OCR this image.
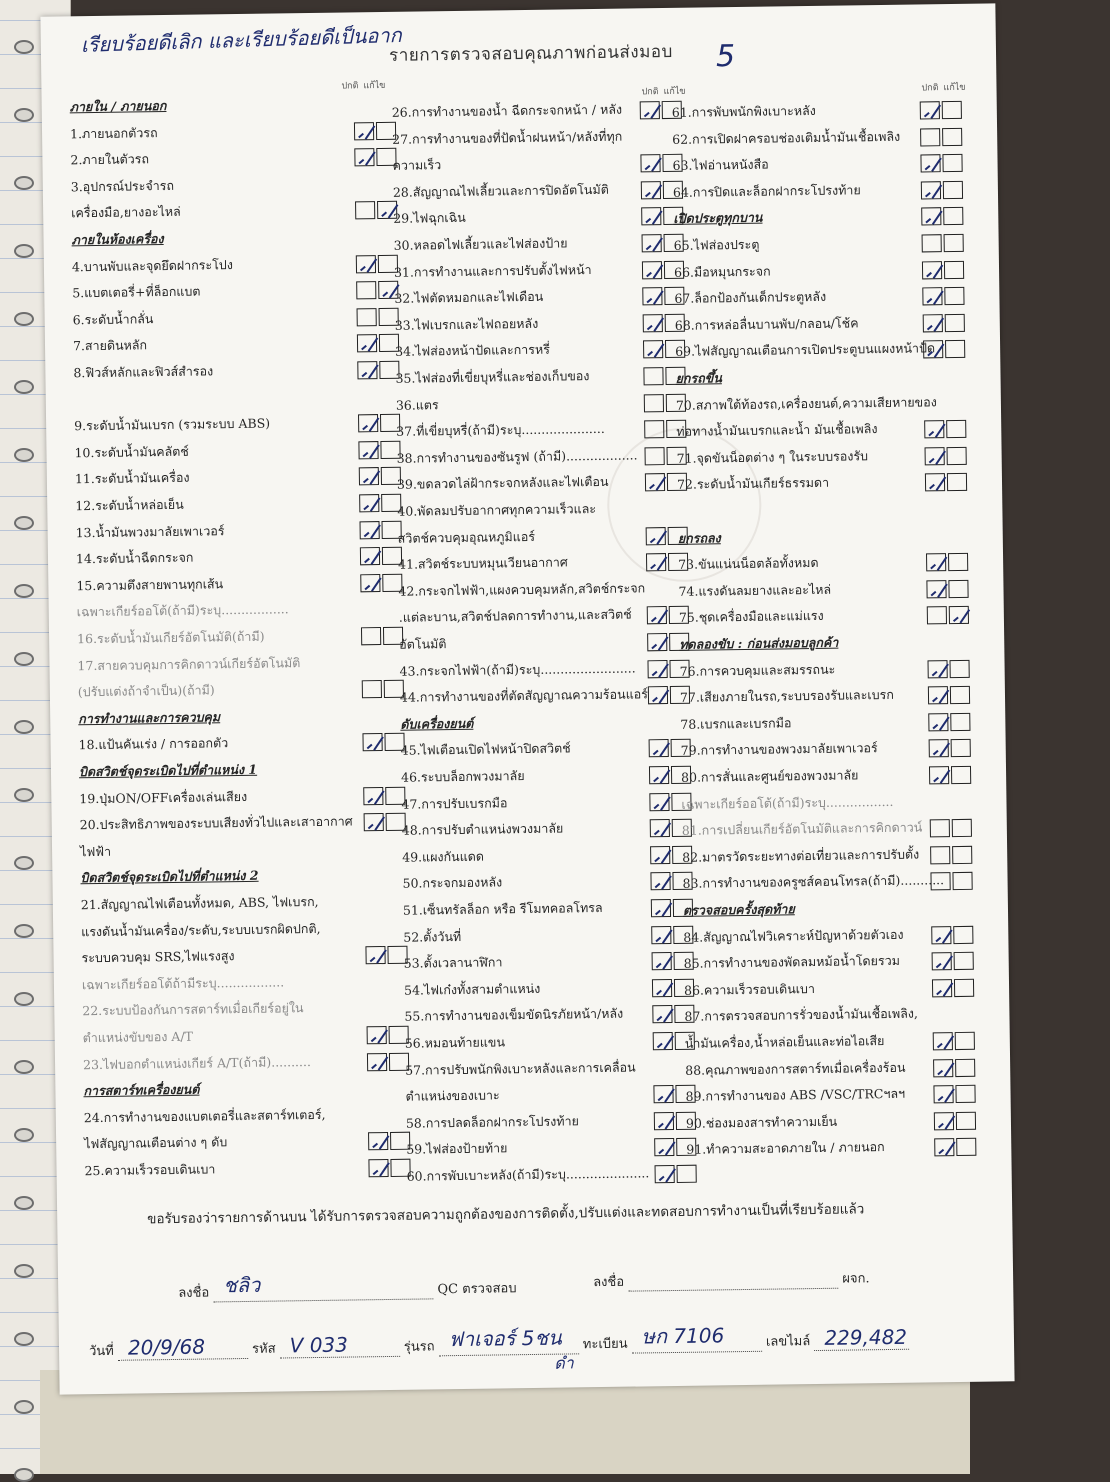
เรียบร้อยดีเลิก และเรียบร้อยดีเป็นอาก
รายการตรวจสอบคุณภาพก่อนส่งมอบ	5
ปกติ แก้ไข
ปกติ แก้ไข	ปกติ แก้ไข
ขอรับรองว่ารายการด้านบน ได้รับการตรวจสอบความถูกต้องของการติดตั้ง,ปรับแต่งและทดสอบการทำงานเป็นที่เรียบร้อยแล้ว
ลงชื่อ ชลิว	QC ตรวจสอบ	ลงชื่อ	ผจก.
วันที่ 20/9/68	รหัส V 033	รุ่นรถ ฟาเจอร์ 5ชน ทะเบียน ษก 7106	เลขไมล์ 229,482
ดำ
ภายใน / ภายนอก
1.ภายนอกตัวรถ
2.ภายในตัวรถ
3.อุปกรณ์ประจำรถ
เครื่องมือ,ยางอะไหล่
ภายในห้องเครื่อง
4.บานพับและจุดยึดฝากระโปง
5.แบตเตอรี่+ที่ล็อกแบต
6.ระดับน้ำกลั่น
7.สายดินหลัก
8.ฟิวส์หลักและฟิวส์สำรอง
9.ระดับน้ำมันเบรก (รวมระบบ ABS)
10.ระดับน้ำมันคลัตช์
11.ระดับน้ำมันเครื่อง
12.ระดับน้ำหล่อเย็น
13.น้ำมันพวงมาลัยเพาเวอร์
14.ระดับน้ำฉีดกระจก
15.ความตึงสายพานทุกเส้น
เฉพาะเกียร์ออโต้(ถ้ามี)ระบุ.................
16.ระดับน้ำมันเกียร์อัตโนมัติ(ถ้ามี)
17.สายควบคุมการคิกดาวน์เกียร์อัตโนมัติ
(ปรับแต่งถ้าจำเป็น)(ถ้ามี)
การทำงานและการควบคุม
18.แป้นคันเร่ง / การออกตัว
บิดสวิตช์จุดระเบิดไปที่ตำแหน่ง 1
19.ปุ่มON/OFFเครื่องเล่นเสียง
20.ประสิทธิภาพของระบบเสียงทั่วไปและเสาอากาศ
ไฟฟ้า
บิดสวิตช์จุดระเบิดไปที่ตำแหน่ง 2
21.สัญญาณไฟเตือนทั้งหมด, ABS, ไฟเบรก,
แรงดันน้ำมันเครื่อง/ระดับ,ระบบเบรกผิดปกติ,
ระบบควบคุม SRS,ไฟแรงสูง
เฉพาะเกียร์ออโต้ถ้ามีระบุ.................
22.ระบบป้องกันการสตาร์ทเมื่อเกียร์อยู่ใน
ตำแหน่งขับของ A/T
23.ไฟบอกตำแหน่งเกียร์ A/T(ถ้ามี)..........
การสตาร์ทเครื่องยนต์
24.การทำงานของแบตเตอรี่และสตาร์ทเตอร์,
ไฟสัญญาณเตือนต่าง ๆ ดับ
25.ความเร็วรอบเดินเบา
26.การทำงานของน้ำ ฉีดกระจกหน้า / หลัง
27.การทำงานของที่ปัดน้ำฝนหน้า/หลังที่ทุก
ความเร็ว
28.สัญญาณไฟเลี้ยวและการปิดอัตโนมัติ
29.ไฟฉุกเฉิน
30.หลอดไฟเลี้ยวและไฟส่องป้าย
31.การทำงานและการปรับตั้งไฟหน้า
32.ไฟตัดหมอกและไฟเดือน
33.ไฟเบรกและไฟถอยหลัง
34.ไฟส่องหน้าปัดและการหรี่
35.ไฟส่องที่เขี่ยบุหรี่และช่องเก็บของ
36.แตร
37.ที่เขี่ยบุหรี่(ถ้ามี)ระบุ.....................
38.การทำงานของซันรูฟ (ถ้ามี)..................
39.ขดลวดไล่ฝ้ากระจกหลังและไฟเตือน
40.พัดลมปรับอากาศทุกความเร็วและ
สวิตช์ควบคุมอุณหภูมิแอร์
41.สวิตช์ระบบหมุนเวียนอากาศ
42.กระจกไฟฟ้า,แผงควบคุมหลัก,สวิตช์กระจก
.แต่ละบาน,สวิตช์ปลดการทำงาน,และสวิตช์
อัตโนมัติ
43.กระจกไฟฟ้า(ถ้ามี)ระบุ........................
44.การทำงานของที่ตัดสัญญาณความร้อนแอร์
ดับเครื่องยนต์
45.ไฟเตือนเปิดไฟหน้าปิดสวิตช์
46.ระบบล็อกพวงมาลัย
47.การปรับเบรกมือ
48.การปรับตำแหน่งพวงมาลัย
49.แผงกันแดด
50.กระจกมองหลัง
51.เซ็นทรัลล็อก หรือ รีโมทคอลโทรล
52.ตั้งวันที่
53.ตั้งเวลานาฬิกา
54.ไฟเก๋งทั้งสามตำแหน่ง
55.การทำงานของเข็มขัดนิรภัยหน้า/หลัง
56.หมอนท้ายแขน
57.การปรับพนักพิงเบาะหลังและการเคลื่อน
ตำแหน่งของเบาะ
58.การปลดล็อกฝากระโปรงท้าย
59.ไฟส่องป้ายท้าย
60.การพับเบาะหลัง(ถ้ามี)ระบุ.....................
61.การพับพนักพิงเบาะหลัง
62.การเปิดฝาครอบช่องเติมน้ำมันเชื้อเพลิง
63.ไฟอ่านหนังสือ
64.การปิดและล็อกฝากระโปรงท้าย
เปิดประตูทุกบาน
65.ไฟส่องประตู
66.มือหมุนกระจก
67.ล็อกป้องกันเด็กประตูหลัง
68.การหล่อลื่นบานพับ/กลอน/โช้ค
69.ไฟสัญญาณเตือนการเปิดประตูบนแผงหน้าปัด
ยกรถขึ้น
70.สภาพใต้ท้องรถ,เครื่องยนต์,ความเสียหายของ
ท่อทางน้ำมันเบรกและน้ำ มันเชื้อเพลิง
71.จุดขันน็อตต่าง ๆ ในระบบรองรับ
72.ระดับน้ำมันเกียร์ธรรมดา
ยกรถลง
73.ขันแน่นน็อตล้อทั้งหมด
74.แรงดันลมยางและอะไหล่
75.ชุดเครื่องมือและแม่แรง
ทดลองขับ : ก่อนส่งมอบลูกค้า
76.การควบคุมและสมรรถนะ
77.เสียงภายในรถ,ระบบรองรับและเบรก
78.เบรกและเบรกมือ
79.การทำงานของพวงมาลัยเพาเวอร์
80.การสั่นและศูนย์ของพวงมาลัย
เฉพาะเกียร์ออโต้(ถ้ามี)ระบุ.................
81.การเปลี่ยนเกียร์อัตโนมัติและการคิกดาวน์
82.มาตรวัดระยะทางต่อเที่ยวและการปรับตั้ง
83.การทำงานของครูซส์คอนโทรล(ถ้ามี)...........
ตรวจสอบครั้งสุดท้าย
84.สัญญาณไฟวิเคราะห์ปัญหาด้วยตัวเอง
85.การทำงานของพัดลมหม้อน้ำโดยรวม
86.ความเร็วรอบเดินเบา
87.การตรวจสอบการรั่วของน้ำมันเชื้อเพลิง,
น้ำมันเครื่อง,น้ำหล่อเย็นและท่อไอเสีย
88.คุณภาพของการสตาร์ทเมื่อเครื่องร้อน
89.การทำงานของ ABS /VSC/TRCฯลฯ
90.ช่องมองสารทำความเย็น
91.ทำความสะอาดภายใน / ภายนอก
